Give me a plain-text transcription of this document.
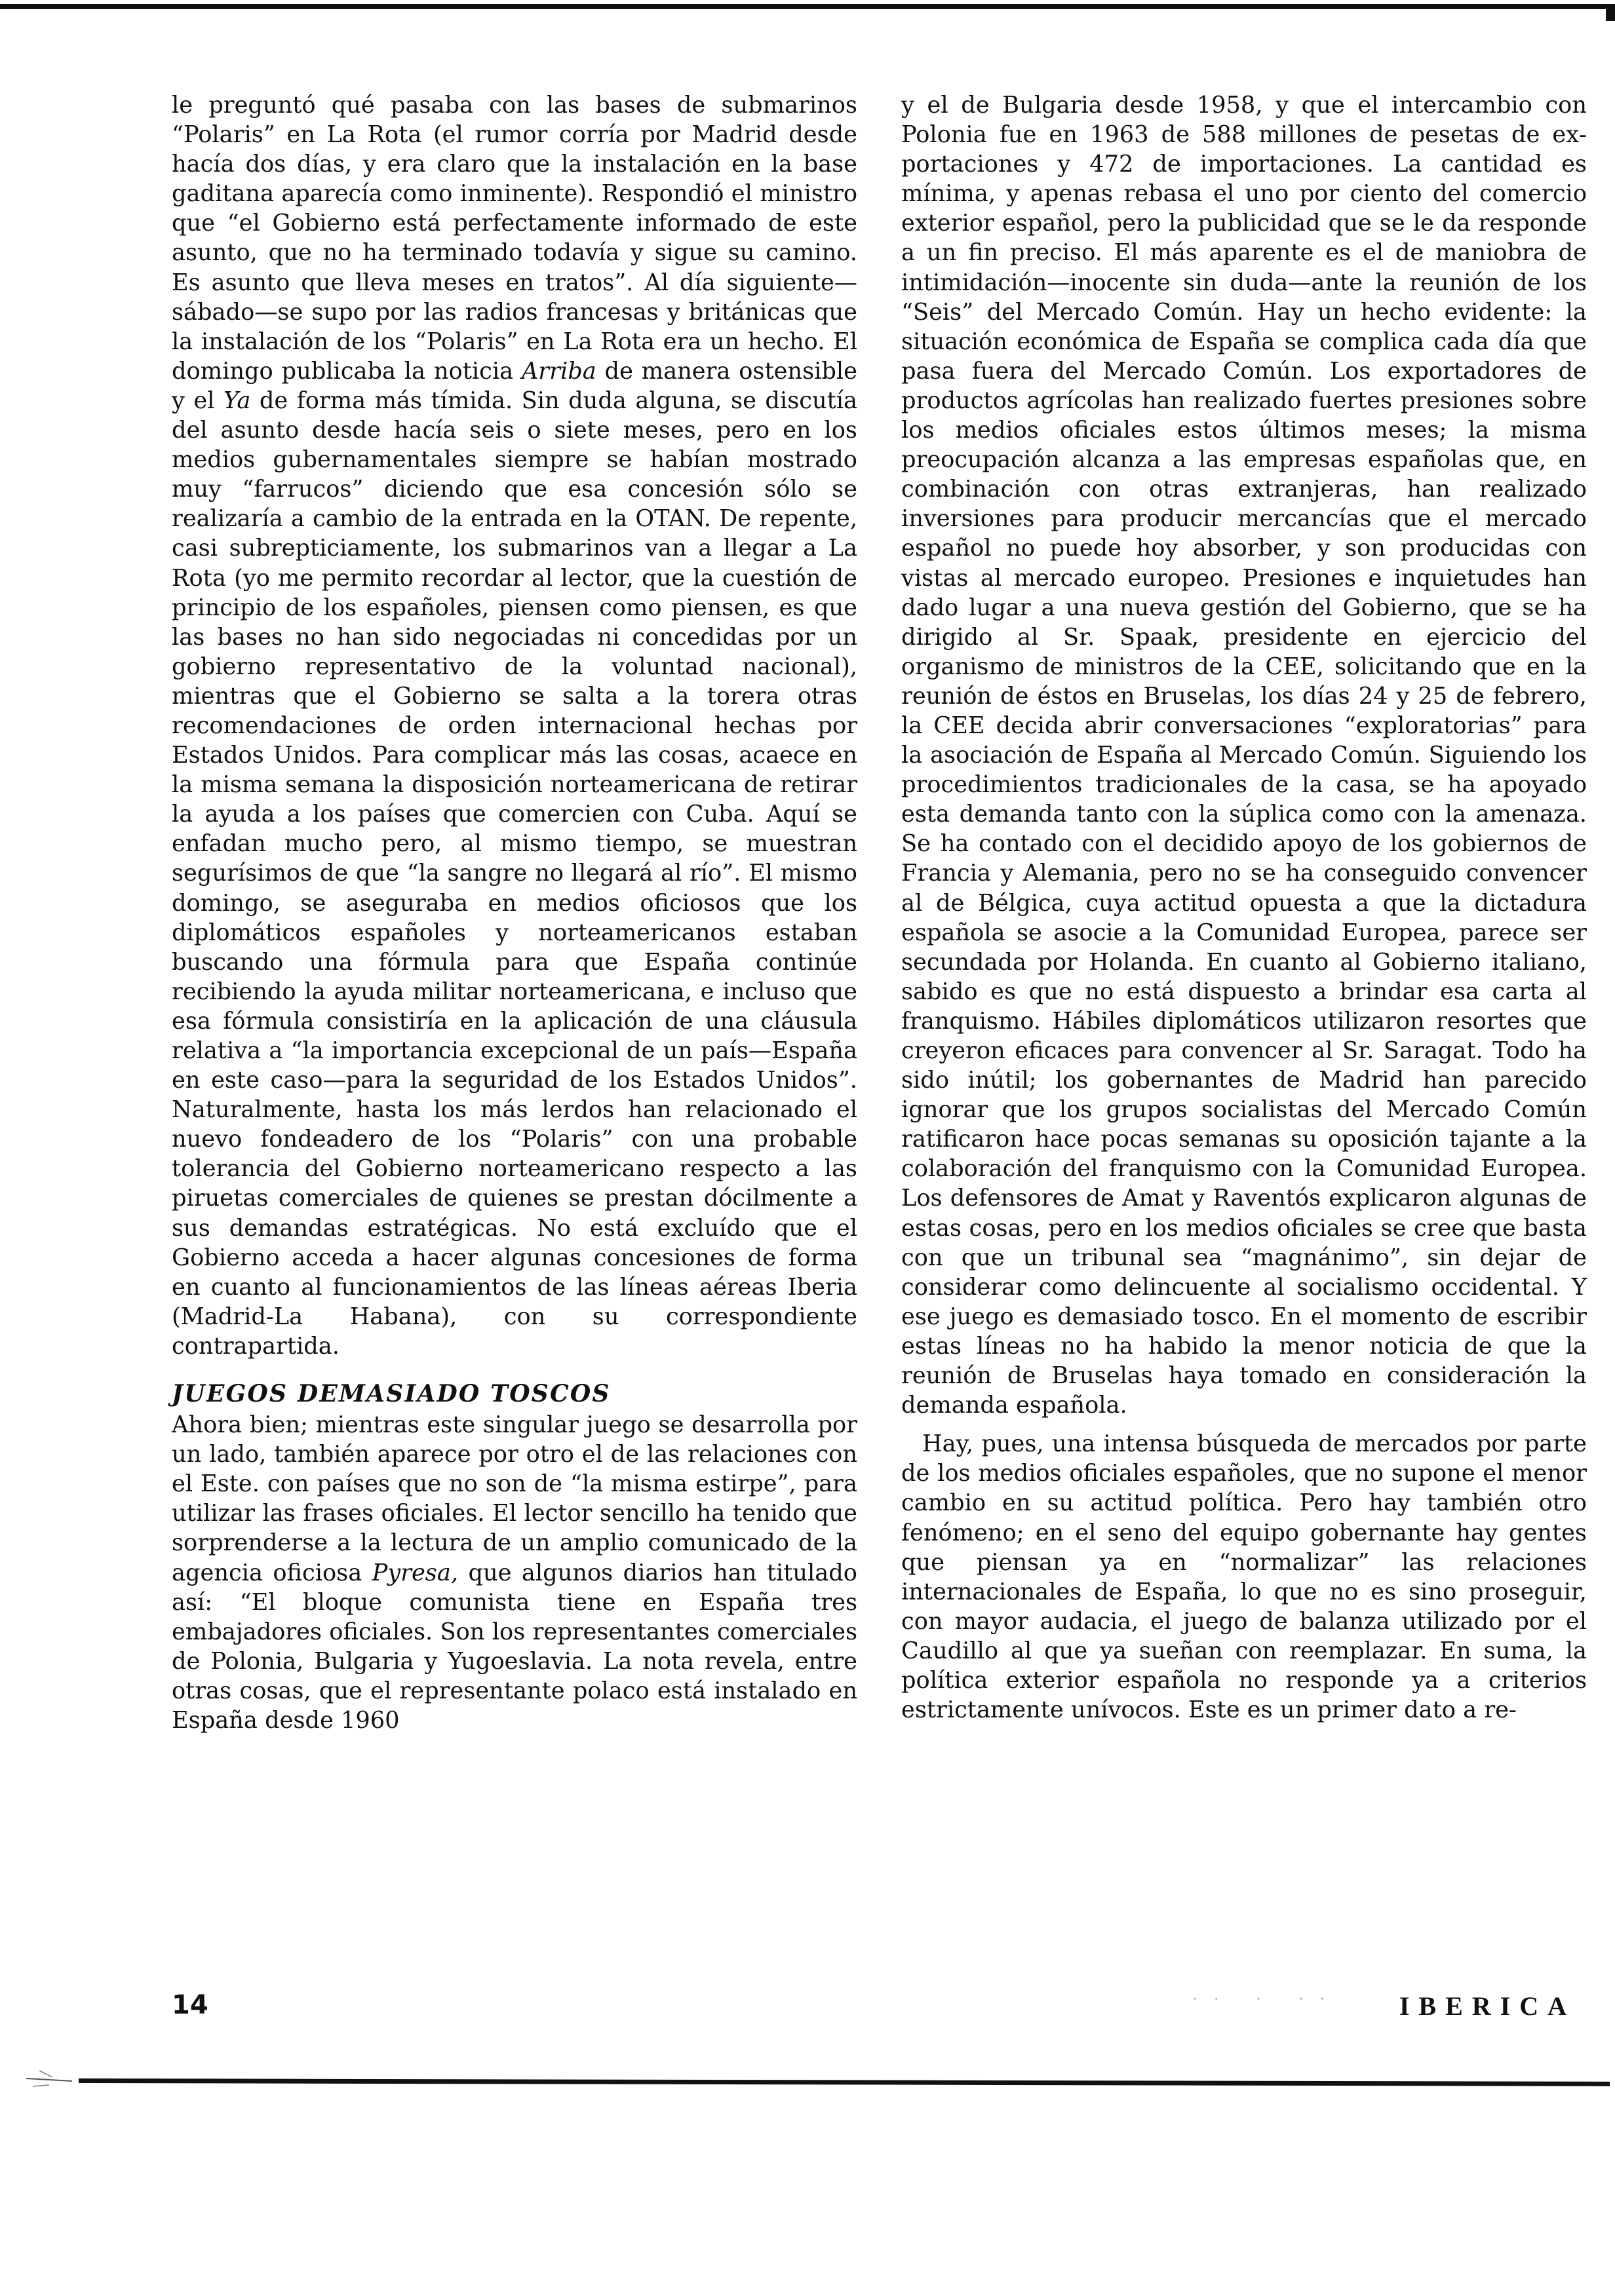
le preguntó qué pasaba con las bases de submarinos “Polaris” en La Rota (el rumor corría por Madrid desde hacía dos días, y era claro que la instalación en la base gaditana aparecía como inminente). Respondió el ministro que “el Gobierno está perfectamente informado de este asunto, que no ha terminado todavía y sigue su camino. Es asunto que lleva meses en tratos”. Al día siguiente—sábado—se supo por las radios francesas y británicas que la instalación de los “Polaris” en La Rota era un hecho. El domingo publicaba la noticia Arriba de manera ostensible y el Ya de forma más tímida. Sin duda alguna, se discutía del asunto desde hacía seis o siete meses, pero en los medios gubernamentales siempre se habían mostrado muy “farrucos” diciendo que esa concesión sólo se realizaría a cambio de la entrada en la OTAN. De repente, casi subrepticiamente, los submarinos van a llegar a La Rota (yo me permito recordar al lector, que la cuestión de principio de los españoles, piensen como piensen, es que las bases no han sido negociadas ni concedidas por un gobierno representativo de la voluntad nacional), mientras que el Gobierno se salta a la torera otras recomendaciones de orden internacional hechas por Estados Unidos. Para complicar más las cosas, acaece en la misma semana la disposición norteamericana de retirar la ayuda a los países que comercien con Cuba. Aquí se enfadan mucho pero, al mismo tiempo, se muestran segurísimos de que “la sangre no llegará al río”. El mismo domingo, se aseguraba en medios oficiosos que los diplomáticos españoles y norteamericanos estaban buscando una fórmula para que España continúe recibiendo la ayuda militar norteamericana, e incluso que esa fórmula consistiría en la aplicación de una cláusula relativa a “la importancia excepcional de un país—España en este caso—para la seguridad de los Estados Unidos”. Naturalmente, hasta los más lerdos han relacionado el nuevo fondeadero de los “Polaris” con una probable tolerancia del Gobierno norteamericano respecto a las piruetas comerciales de quienes se prestan dócilmente a sus demandas estratégicas. No está excluído que el Gobierno acceda a hacer algunas concesiones de forma en cuanto al funcionamientos de las líneas aéreas Iberia (Madrid-La Habana), con su correspondiente contrapartida.

JUEGOS DEMASIADO TOSCOS

Ahora bien; mientras este singular juego se desarrolla por un lado, también aparece por otro el de las relaciones con el Este. con países que no son de “la misma estirpe”, para utilizar las frases oficiales. El lector sencillo ha tenido que sorprenderse a la lectura de un amplio comunicado de la agencia oficiosa Pyresa, que algunos diarios han titulado así: “El bloque comunista tiene en España tres embajadores oficiales. Son los representantes comerciales de Polonia, Bulgaria y Yugoeslavia. La nota revela, entre otras cosas, que el representante polaco está instalado en España desde 1960

y el de Bulgaria desde 1958, y que el intercambio con Polonia fue en 1963 de 588 millones de pesetas de exportaciones y 472 de importaciones. La cantidad es mínima, y apenas rebasa el uno por ciento del comercio exterior español, pero la publicidad que se le da responde a un fin preciso. El más aparente es el de maniobra de intimidación—inocente sin duda—ante la reunión de los “Seis” del Mercado Común. Hay un hecho evidente: la situación económica de España se complica cada día que pasa fuera del Mercado Común. Los exportadores de productos agrícolas han realizado fuertes presiones sobre los medios oficiales estos últimos meses; la misma preocupación alcanza a las empresas españolas que, en combinación con otras extranjeras, han realizado inversiones para producir mercancías que el mercado español no puede hoy absorber, y son producidas con vistas al mercado europeo. Presiones e inquietudes han dado lugar a una nueva gestión del Gobierno, que se ha dirigido al Sr. Spaak, presidente en ejercicio del organismo de ministros de la CEE, solicitando que en la reunión de éstos en Bruselas, los días 24 y 25 de febrero, la CEE decida abrir conversaciones “exploratorias” para la asociación de España al Mercado Común. Siguiendo los procedimientos tradicionales de la casa, se ha apoyado esta demanda tanto con la súplica como con la amenaza. Se ha contado con el decidido apoyo de los gobiernos de Francia y Alemania, pero no se ha conseguido convencer al de Bélgica, cuya actitud opuesta a que la dictadura española se asocie a la Comunidad Europea, parece ser secundada por Holanda. En cuanto al Gobierno italiano, sabido es que no está dispuesto a brindar esa carta al franquismo. Hábiles diplomáticos utilizaron resortes que creyeron eficaces para convencer al Sr. Saragat. Todo ha sido inútil; los gobernantes de Madrid han parecido ignorar que los grupos socialistas del Mercado Común ratificaron hace pocas semanas su oposición tajante a la colaboración del franquismo con la Comunidad Europea. Los defensores de Amat y Raventós explicaron algunas de estas cosas, pero en los medios oficiales se cree que basta con que un tribunal sea “magnánimo”, sin dejar de considerar como delincuente al socialismo occidental. Y ese juego es demasiado tosco. En el momento de escribir estas líneas no ha habido la menor noticia de que la reunión de Bruselas haya tomado en consideración la demanda española.

Hay, pues, una intensa búsqueda de mercados por parte de los medios oficiales españoles, que no supone el menor cambio en su actitud política. Pero hay también otro fenómeno; en el seno del equipo gobernante hay gentes que piensan ya en “normalizar” las relaciones internacionales de España, lo que no es sino proseguir, con mayor audacia, el juego de balanza utilizado por el Caudillo al que ya sueñan con reemplazar. En suma, la política exterior española no responde ya a criterios estrictamente unívocos. Este es un primer dato a re-

14	·· · ·· IBERICA
